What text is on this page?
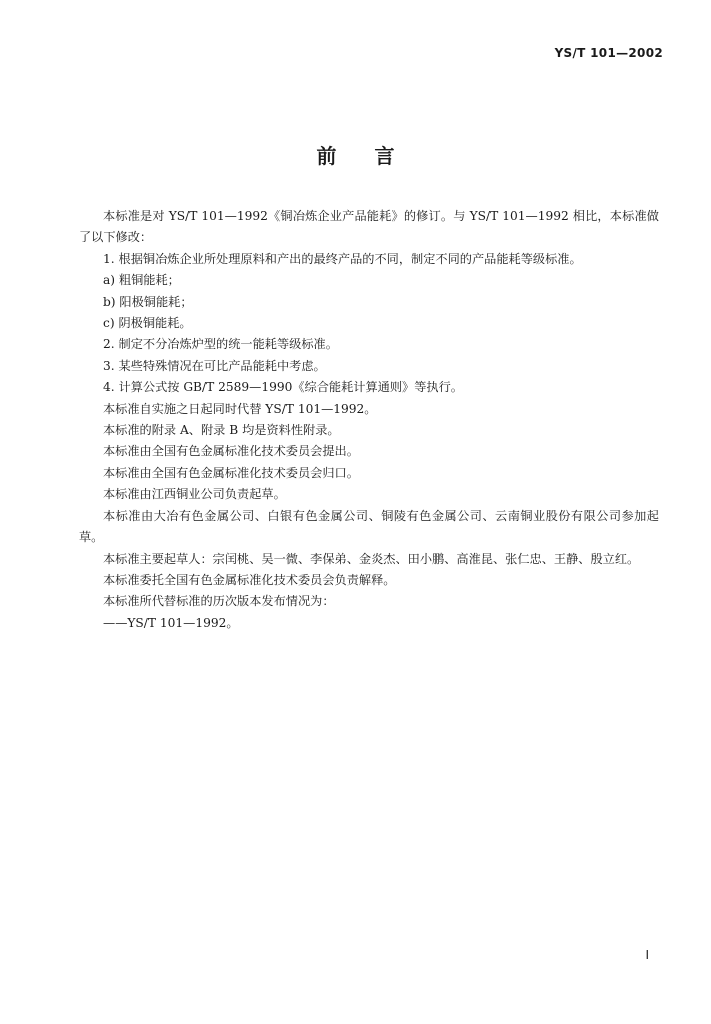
YS/T 101—2002
前言

本标准是对 YS/T 101—1992《铜冶炼企业产品能耗》的修订。与 YS/T 101—1992 相比，本标准做了以下修改：

1. 根据铜冶炼企业所处理原料和产出的最终产品的不同，制定不同的产品能耗等级标准。

a) 粗铜能耗；

b) 阳极铜能耗；

c) 阴极铜能耗。

2. 制定不分冶炼炉型的统一能耗等级标准。

3. 某些特殊情况在可比产品能耗中考虑。

4. 计算公式按 GB/T 2589—1990《综合能耗计算通则》等执行。

本标准自实施之日起同时代替 YS/T 101—1992。

本标准的附录 A、附录 B 均是资料性附录。

本标准由全国有色金属标准化技术委员会提出。

本标准由全国有色金属标准化技术委员会归口。

本标准由江西铜业公司负责起草。

本标准由大冶有色金属公司、白银有色金属公司、铜陵有色金属公司、云南铜业股份有限公司参加起草。

本标准主要起草人：宗闰桃、吴一微、李保弟、金炎杰、田小鹏、高淮昆、张仁忠、王静、殷立红。

本标准委托全国有色金属标准化技术委员会负责解释。

本标准所代替标准的历次版本发布情况为：

——YS/T 101—1992。

I
